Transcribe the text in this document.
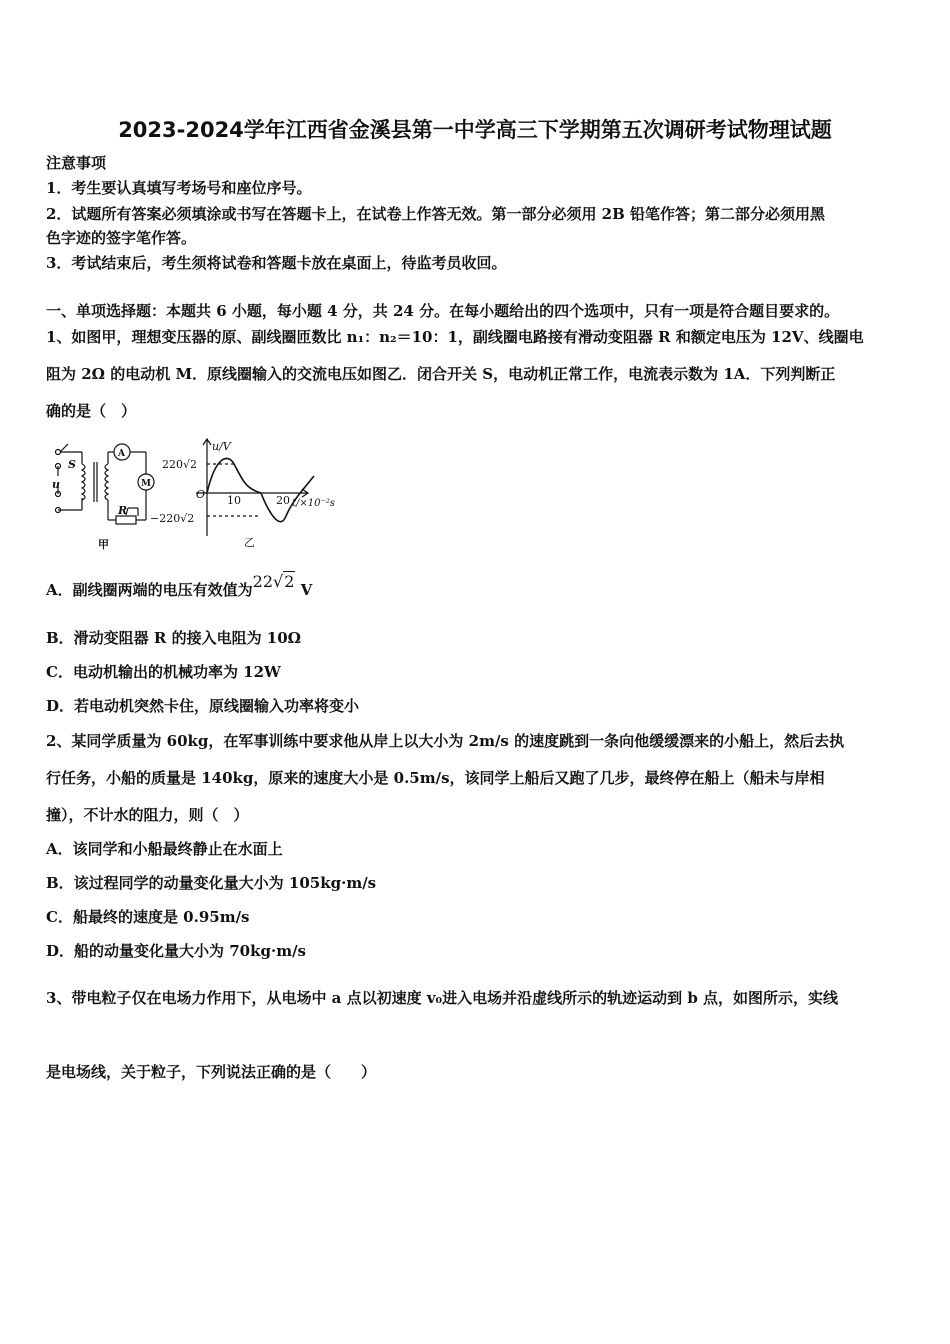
2023-2024学年江西省金溪县第一中学高三下学期第五次调研考试物理试题
注意事项
1．考生要认真填写考场号和座位序号。
2．试题所有答案必须填涂或书写在答题卡上，在试卷上作答无效。第一部分必须用 2B 铅笔作答；第二部分必须用黑
色字迹的签字笔作答。
3．考试结束后，考生须将试卷和答题卡放在桌面上，待监考员收回。
一、单项选择题：本题共 6 小题，每小题 4 分，共 24 分。在每小题给出的四个选项中，只有一项是符合题目要求的。
1、如图甲，理想变压器的原、副线圈匝数比 n₁：n₂＝10：1，副线圈电路接有滑动变阻器 R 和额定电压为 12V、线圈电
阻为 2Ω 的电动机 M．原线圈输入的交流电压如图乙．闭合开关 S，电动机正常工作，电流表示数为 1A．下列判断正
确的是（　）
S
u
A
M
R
甲
u/V
220√2
−220√2
O 10	20 t/×10⁻²s
乙
A．副线圈两端的电压有效值为22√2 V
B．滑动变阻器 R 的接入电阻为 10Ω
C．电动机输出的机械功率为 12W
D．若电动机突然卡住，原线圈输入功率将变小
2、某同学质量为 60kg，在军事训练中要求他从岸上以大小为 2m/s 的速度跳到一条向他缓缓漂来的小船上，然后去执
行任务，小船的质量是 140kg，原来的速度大小是 0.5m/s，该同学上船后又跑了几步，最终停在船上（船未与岸相
撞），不计水的阻力，则（　）
A．该同学和小船最终静止在水面上
B．该过程同学的动量变化量大小为 105kg·m/s
C．船最终的速度是 0.95m/s
D．船的动量变化量大小为 70kg·m/s
3、带电粒子仅在电场力作用下，从电场中 a 点以初速度 v₀进入电场并沿虚线所示的轨迹运动到 b 点，如图所示，实线
是电场线，关于粒子，下列说法正确的是（　　）
